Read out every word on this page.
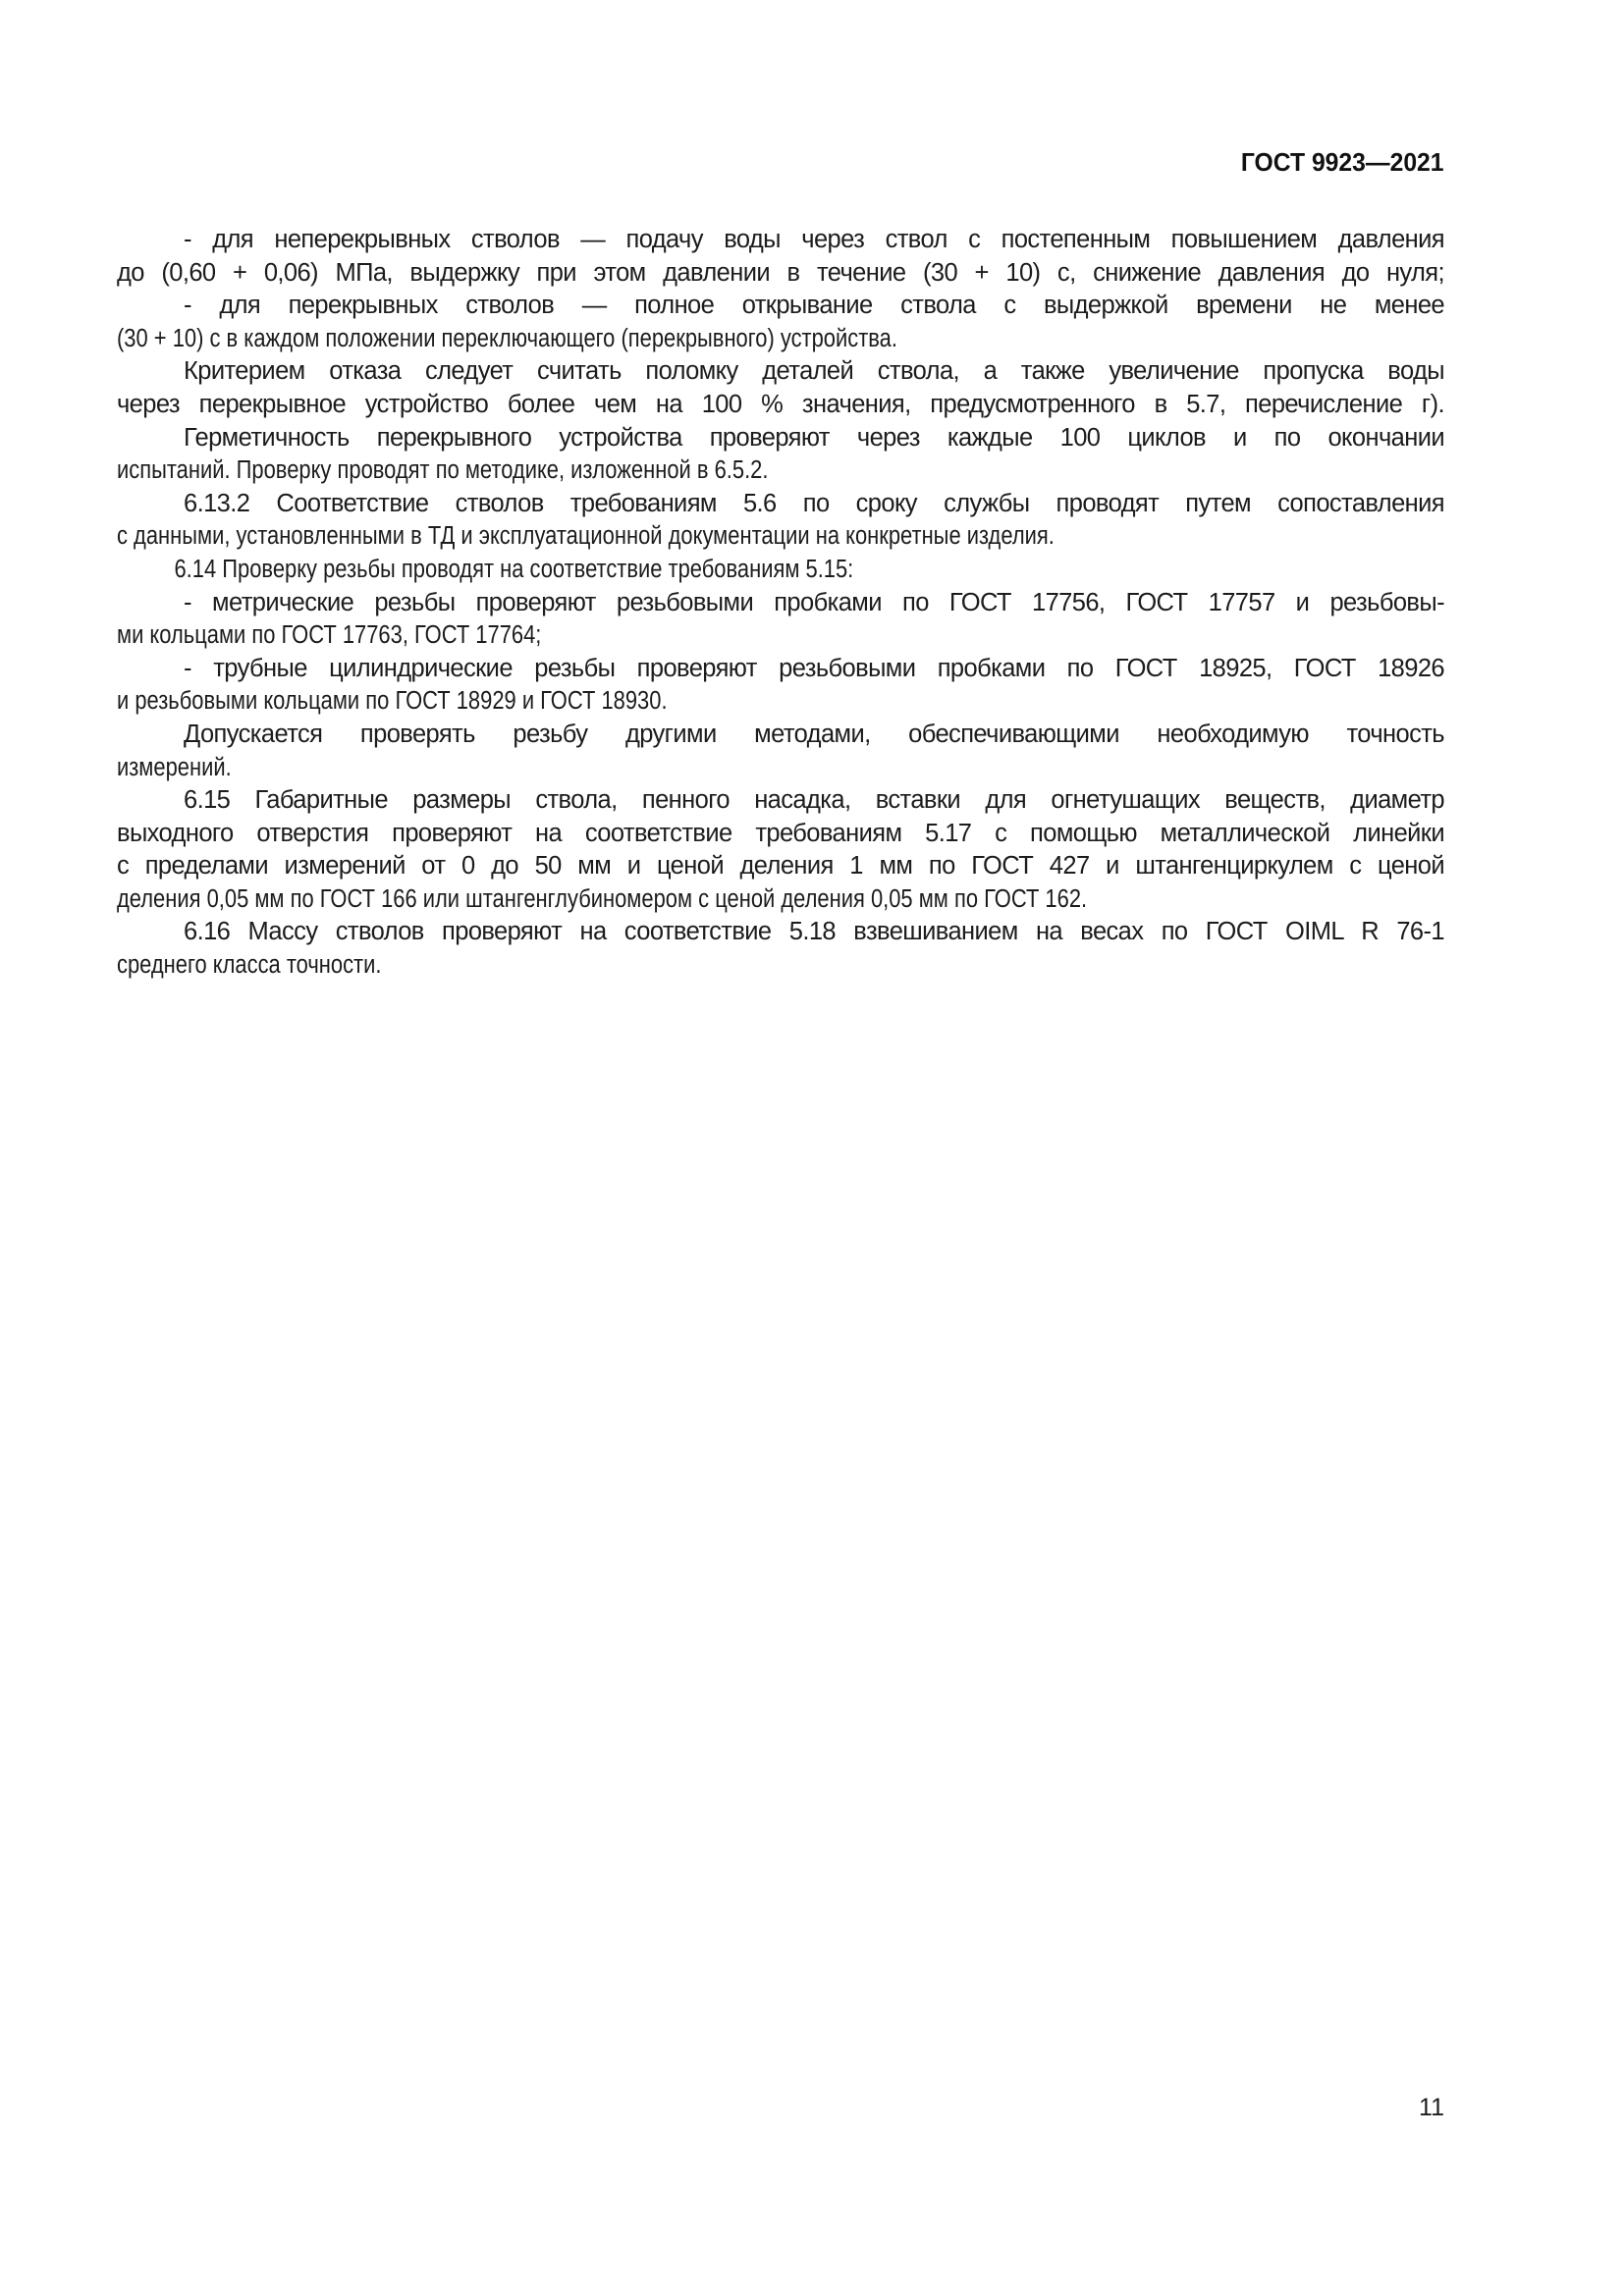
ГОСТ 9923—2021
- для неперекрывных стволов — подачу воды через ствол с постепенным повышением давления
до (0,60 + 0,06) МПа, выдержку при этом давлении в течение (30 + 10) с, снижение давления до нуля;
- для перекрывных стволов — полное открывание ствола с выдержкой времени не менее
(30 + 10) с в каждом положении переключающего (перекрывного) устройства.
Критерием отказа следует считать поломку деталей ствола, а также увеличение пропуска воды
через перекрывное устройство более чем на 100 % значения, предусмотренного в 5.7, перечисление г).
Герметичность перекрывного устройства проверяют через каждые 100 циклов и по окончании
испытаний. Проверку проводят по методике, изложенной в 6.5.2.
6.13.2 Соответствие стволов требованиям 5.6 по сроку службы проводят путем сопоставления
с данными, установленными в ТД и эксплуатационной документации на конкретные изделия.
6.14 Проверку резьбы проводят на соответствие требованиям 5.15:
- метрические резьбы проверяют резьбовыми пробками по ГОСТ 17756, ГОСТ 17757 и резьбовы-
ми кольцами по ГОСТ 17763, ГОСТ 17764;
- трубные цилиндрические резьбы проверяют резьбовыми пробками по ГОСТ 18925, ГОСТ 18926
и резьбовыми кольцами по ГОСТ 18929 и ГОСТ 18930.
Допускается проверять резьбу другими методами, обеспечивающими необходимую точность
измерений.
6.15 Габаритные размеры ствола, пенного насадка, вставки для огнетушащих веществ, диаметр
выходного отверстия проверяют на соответствие требованиям 5.17 с помощью металлической линейки
с пределами измерений от 0 до 50 мм и ценой деления 1 мм по ГОСТ 427 и штангенциркулем с ценой
деления 0,05 мм по ГОСТ 166 или штангенглубиномером с ценой деления 0,05 мм по ГОСТ 162.
6.16 Массу стволов проверяют на соответствие 5.18 взвешиванием на весах по ГОСТ OIML R 76-1
среднего класса точности.
11
